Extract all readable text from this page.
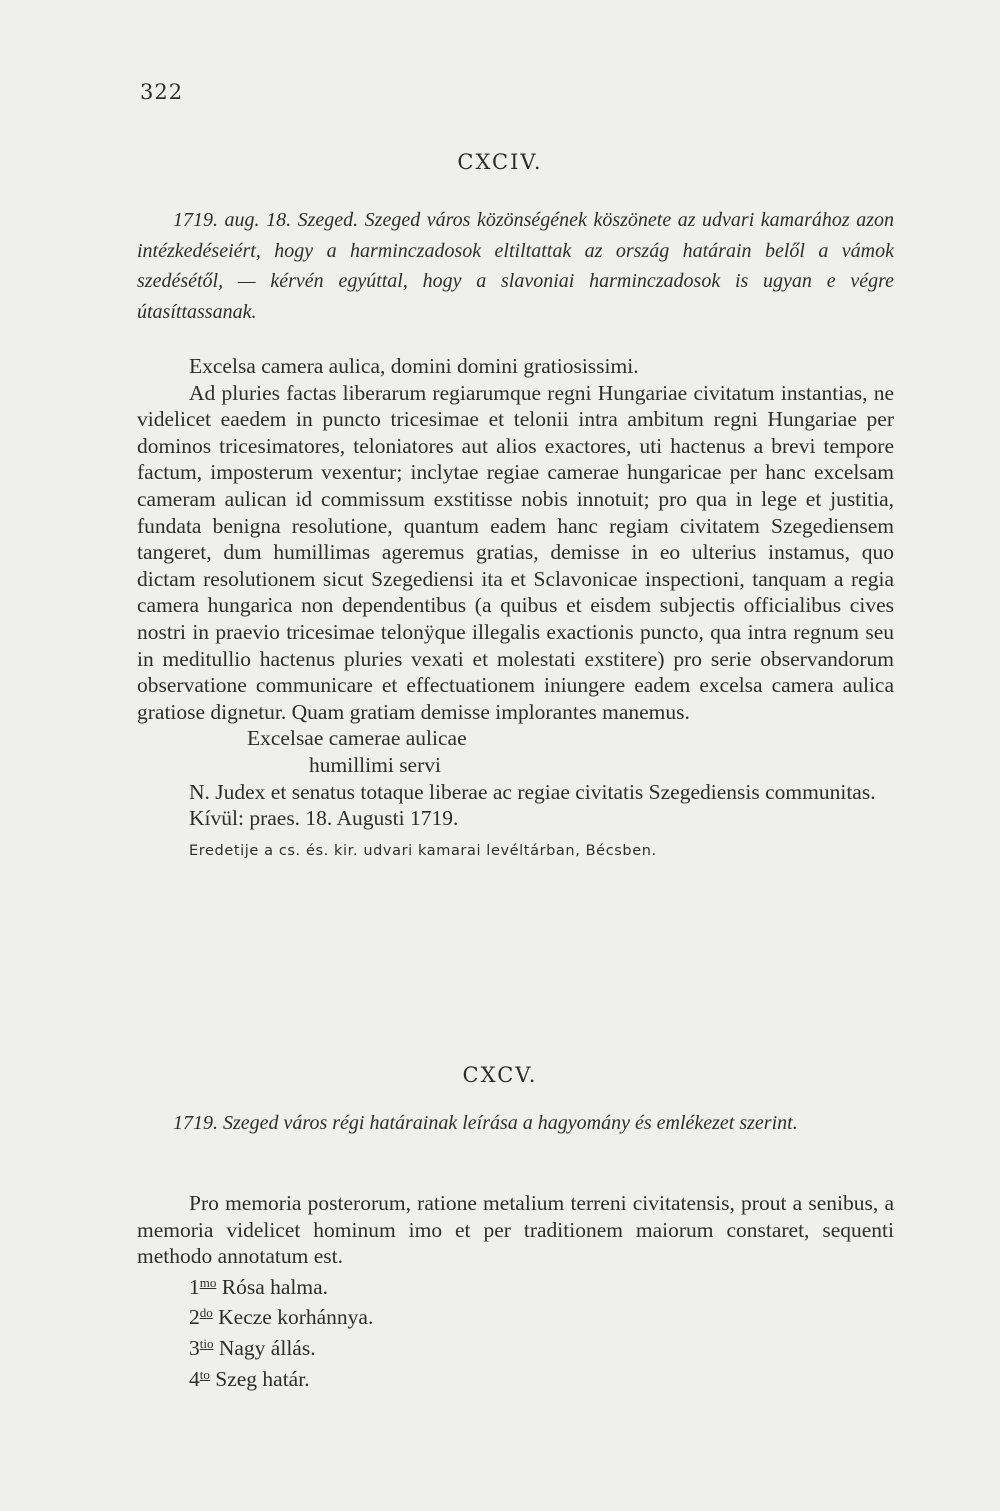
322
CXCIV.

1719. aug. 18. Szeged. Szeged város közönségének köszönete az udvari kamarához azon intézkedéseiért, hogy a harminczadosok eltiltattak az ország határain belől a vámok szedésétől, — kérvén egyúttal, hogy a slavoniai harminczadosok is ugyan e végre útasíttassanak.

Excelsa camera aulica, domini domini gratiosissimi.

Ad pluries factas liberarum regiarumque regni Hungariae civitatum instantias, ne videlicet eaedem in puncto tricesimae et telonii intra ambitum regni Hungariae per dominos tricesimatores, teloniatores aut alios exactores, uti hactenus a brevi tempore factum, imposterum vexentur; inclytae regiae camerae hungaricae per hanc excelsam cameram aulican id commissum exstitisse nobis innotuit; pro qua in lege et justitia, fundata benigna resolutione, quantum eadem hanc regiam civitatem Szegediensem tangeret, dum humillimas ageremus gratias, demisse in eo ulterius instamus, quo dictam resolutionem sicut Szegediensi ita et Sclavonicae inspectioni, tanquam a regia camera hungarica non dependentibus (a quibus et eisdem subjectis officialibus cives nostri in praevio tricesimae telonÿque illegalis exactionis puncto, qua intra regnum seu in meditullio hactenus pluries vexati et molestati exstitere) pro serie observandorum observatione communicare et effectuationem iniungere eadem excelsa camera aulica gratiose dignetur. Quam gratiam demisse implorantes manemus.

Excelsae camerae aulicae

humillimi servi

N. Judex et senatus totaque liberae ac regiae civitatis Szegediensis communitas.

Kívül: praes. 18. Augusti 1719.

Eredetije a cs. és. kir. udvari kamarai levéltárban, Bécsben.
CXCV.

1719. Szeged város régi határainak leírása a hagyomány és emlékezet szerint.

Pro memoria posterorum, ratione metalium terreni civitatensis, prout a senibus, a memoria videlicet hominum imo et per traditionem maiorum constaret, sequenti methodo annotatum est.

$1^{mo}$ Rósa halma.

$2^{do}$ Kecze korhánnya.

$3^{tio}$ Nagy állás.

$4^{to}$ Szeg határ.
